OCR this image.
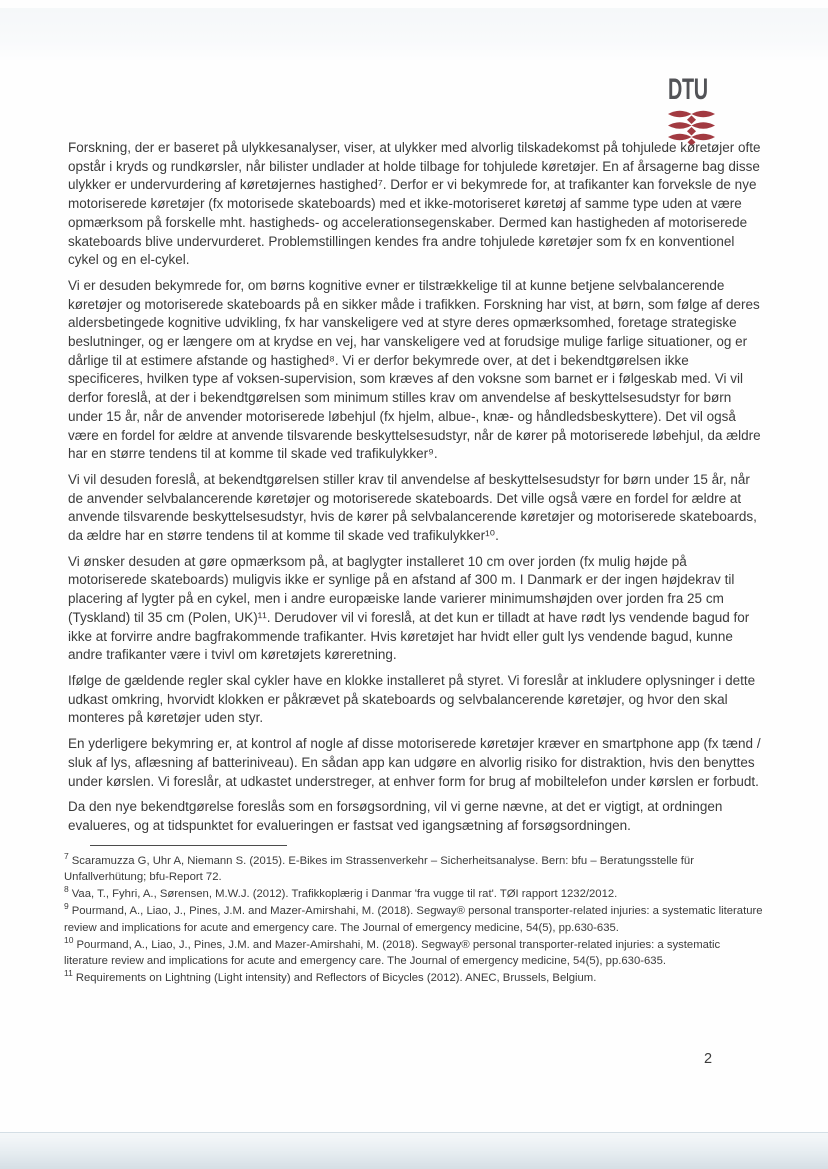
DTU

Forskning, der er baseret på ulykkesanalyser, viser, at ulykker med alvorlig tilskadekomst på tohjulede køretøjer ofte opstår i kryds og rundkørsler, når bilister undlader at holde tilbage for tohjulede køretøjer. En af årsagerne bag disse ulykker er undervurdering af køretøjernes hastighed⁷. Derfor er vi bekymrede for, at trafikanter kan forveksle de nye motoriserede køretøjer (fx motorisede skateboards) med et ikke-motoriseret køretøj af samme type uden at være opmærksom på forskelle mht. hastigheds- og accelerationsegenskaber. Dermed kan hastigheden af motoriserede skateboards blive undervurderet. Problemstillingen kendes fra andre tohjulede køretøjer som fx en konventionel cykel og en el-cykel.

Vi er desuden bekymrede for, om børns kognitive evner er tilstrækkelige til at kunne betjene selvbalancerende køretøjer og motoriserede skateboards på en sikker måde i trafikken. Forskning har vist, at børn, som følge af deres aldersbetingede kognitive udvikling, fx har vanskeligere ved at styre deres opmærksomhed, foretage strategiske beslutninger, og er længere om at krydse en vej, har vanskeligere ved at forudsige mulige farlige situationer, og er dårlige til at estimere afstande og hastighed⁸. Vi er derfor bekymrede over, at det i bekendtgørelsen ikke specificeres, hvilken type af voksen-supervision, som kræves af den voksne som barnet er i følgeskab med. Vi vil derfor foreslå, at der i bekendtgørelsen som minimum stilles krav om anvendelse af beskyttelsesudstyr for børn under 15 år, når de anvender motoriserede løbehjul (fx hjelm, albue-, knæ- og håndledsbeskyttere). Det vil også være en fordel for ældre at anvende tilsvarende beskyttelsesudstyr, når de kører på motoriserede løbehjul, da ældre har en større tendens til at komme til skade ved trafikulykker⁹.

Vi vil desuden foreslå, at bekendtgørelsen stiller krav til anvendelse af beskyttelsesudstyr for børn under 15 år, når de anvender selvbalancerende køretøjer og motoriserede skateboards. Det ville også være en fordel for ældre at anvende tilsvarende beskyttelsesudstyr, hvis de kører på selvbalancerende køretøjer og motoriserede skateboards, da ældre har en større tendens til at komme til skade ved trafikulykker¹⁰.

Vi ønsker desuden at gøre opmærksom på, at baglygter installeret 10 cm over jorden (fx mulig højde på motoriserede skateboards) muligvis ikke er synlige på en afstand af 300 m. I Danmark er der ingen højdekrav til placering af lygter på en cykel, men i andre europæiske lande varierer minimumshøjden over jorden fra 25 cm (Tyskland) til 35 cm (Polen, UK)¹¹. Derudover vil vi foreslå, at det kun er tilladt at have rødt lys vendende bagud for ikke at forvirre andre bagfrakommende trafikanter. Hvis køretøjet har hvidt eller gult lys vendende bagud, kunne andre trafikanter være i tvivl om køretøjets køreretning.

Ifølge de gældende regler skal cykler have en klokke installeret på styret. Vi foreslår at inkludere oplysninger i dette udkast omkring, hvorvidt klokken er påkrævet på skateboards og selvbalancerende køretøjer, og hvor den skal monteres på køretøjer uden styr.

En yderligere bekymring er, at kontrol af nogle af disse motoriserede køretøjer kræver en smartphone app (fx tænd / sluk af lys, aflæsning af batteriniveau). En sådan app kan udgøre en alvorlig risiko for distraktion, hvis den benyttes under kørslen. Vi foreslår, at udkastet understreger, at enhver form for brug af mobiltelefon under kørslen er forbudt.

Da den nye bekendtgørelse foreslås som en forsøgsordning, vil vi gerne nævne, at det er vigtigt, at ordningen evalueres, og at tidspunktet for evalueringen er fastsat ved igangsætning af forsøgsordningen.

$^7$ Scaramuzza G, Uhr A, Niemann S. (2015). E-Bikes im Strassenverkehr – Sicherheitsanalyse. Bern: bfu – Beratungsstelle für Unfallverhütung; bfu-Report 72.

$^8$ Vaa, T., Fyhri, A., Sørensen, M.W.J. (2012). Trafikkoplærig i Danmar 'fra vugge til rat'. TØI rapport 1232/2012.

$^9$ Pourmand, A., Liao, J., Pines, J.M. and Mazer-Amirshahi, M. (2018). Segway® personal transporter-related injuries: a systematic literature review and implications for acute and emergency care. The Journal of emergency medicine, 54(5), pp.630-635.

$^{10}$ Pourmand, A., Liao, J., Pines, J.M. and Mazer-Amirshahi, M. (2018). Segway® personal transporter-related injuries: a systematic literature review and implications for acute and emergency care. The Journal of emergency medicine, 54(5), pp.630-635.

$^{11}$ Requirements on Lightning (Light intensity) and Reflectors of Bicycles (2012). ANEC, Brussels, Belgium.

2
